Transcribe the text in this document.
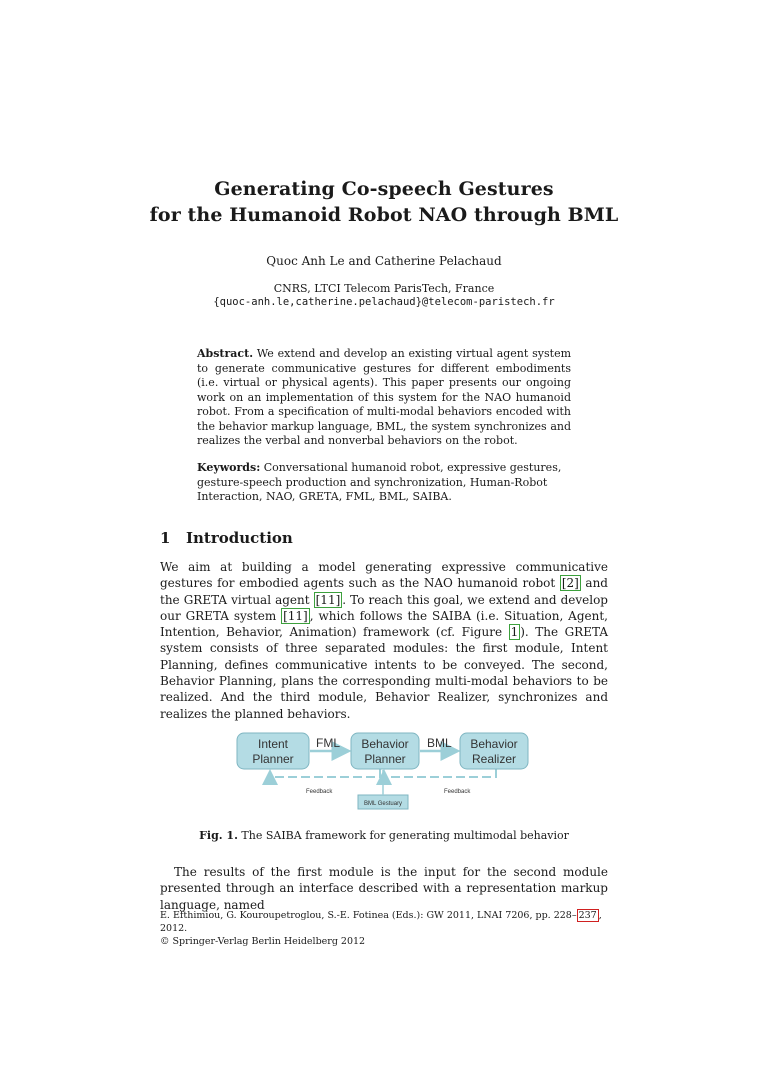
Generating Co-speech Gestures
for the Humanoid Robot NAO through BML
Quoc Anh Le and Catherine Pelachaud
CNRS, LTCI Telecom ParisTech, France
{quoc-anh.le,catherine.pelachaud}@telecom-paristech.fr
Abstract. We extend and develop an existing virtual agent system to generate communicative gestures for different embodiments (i.e. virtual or physical agents). This paper presents our ongoing work on an implementation of this system for the NAO humanoid robot. From a specification of multi-modal behaviors encoded with the behavior markup language, BML, the system synchronizes and realizes the verbal and nonverbal behaviors on the robot.
Keywords: Conversational humanoid robot, expressive gestures, gesture-speech production and synchronization, Human-Robot Interaction, NAO, GRETA, FML, BML, SAIBA.
1 Introduction
We aim at building a model generating expressive communicative gestures for embodied agents such as the NAO humanoid robot [2] and the GRETA virtual agent [11] . To reach this goal, we extend and develop our GRETA system [11] , which follows the SAIBA (i.e. Situation, Agent, Intention, Behavior, Animation) framework (cf. Figure 1 ). The GRETA system consists of three separated modules: the first module, Intent Planning, defines communicative intents to be conveyed. The second, Behavior Planning, plans the corresponding multi-modal behaviors to be realized. And the third module, Behavior Realizer, synchronizes and realizes the planned behaviors.
FML	BML
Feedback	Feedback
Intent
Planner
Behavior
Planner
Behavior
Realizer
BML Gestuary
Fig. 1. The SAIBA framework for generating multimodal behavior
The results of the first module is the input for the second module presented through an interface described with a representation markup language, named
E. Efthimiou, G. Kouroupetroglou, S.-E. Fotinea (Eds.): GW 2011, LNAI 7206, pp. 228– 237 , 2012.
© Springer-Verlag Berlin Heidelberg 2012
